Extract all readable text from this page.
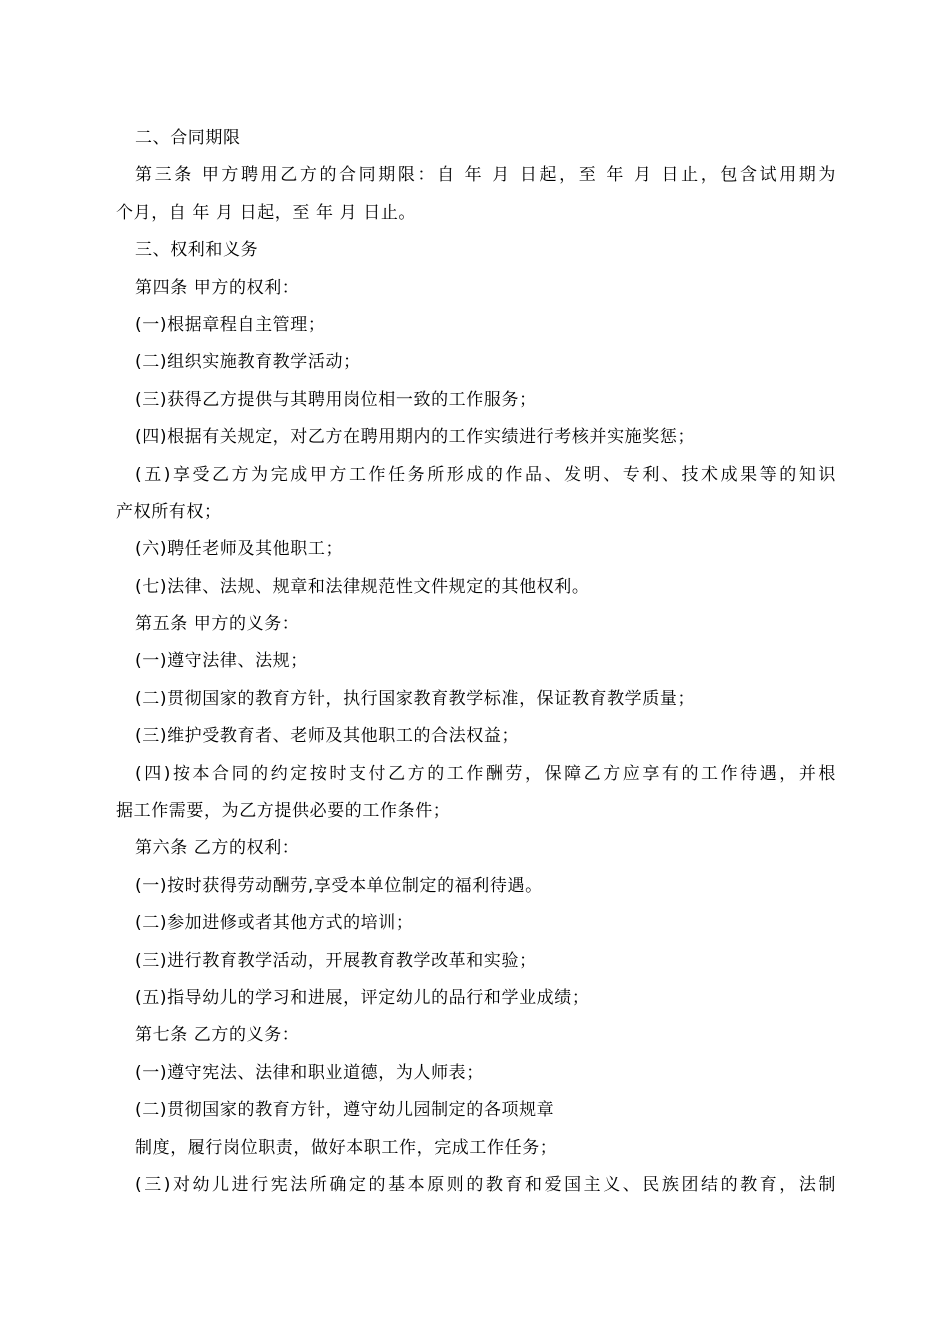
二、合同期限
第三条 甲方聘用乙方的合同期限：自 年 月 日起，至 年 月 日止，包含试用期为
个月，自 年 月 日起，至 年 月 日止。
三、权利和义务
第四条 甲方的权利：
(一)根据章程自主管理；
(二)组织实施教育教学活动；
(三)获得乙方提供与其聘用岗位相一致的工作服务；
(四)根据有关规定，对乙方在聘用期内的工作实绩进行考核并实施奖惩；
(五)享受乙方为完成甲方工作任务所形成的作品、发明、专利、技术成果等的知识
产权所有权；
(六)聘任老师及其他职工；
(七)法律、法规、规章和法律规范性文件规定的其他权利。
第五条 甲方的义务：
(一)遵守法律、法规；
(二)贯彻国家的教育方针，执行国家教育教学标准，保证教育教学质量；
(三)维护受教育者、老师及其他职工的合法权益；
(四)按本合同的约定按时支付乙方的工作酬劳，保障乙方应享有的工作待遇，并根
据工作需要，为乙方提供必要的工作条件；
第六条 乙方的权利：
(一)按时获得劳动酬劳,享受本单位制定的福利待遇。
(二)参加进修或者其他方式的培训；
(三)进行教育教学活动，开展教育教学改革和实验；
(五)指导幼儿的学习和进展，评定幼儿的品行和学业成绩；
第七条 乙方的义务：
(一)遵守宪法、法律和职业道德，为人师表；
(二)贯彻国家的教育方针，遵守幼儿园制定的各项规章
制度，履行岗位职责，做好本职工作，完成工作任务；
(三)对幼儿进行宪法所确定的基本原则的教育和爱国主义、民族团结的教育，法制
